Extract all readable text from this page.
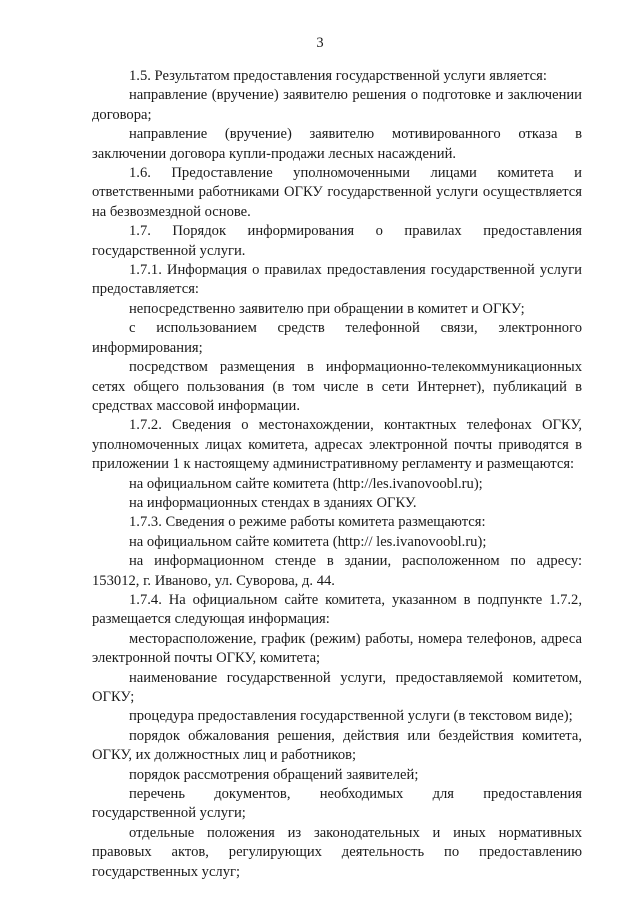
3

1.5. Результатом предоставления государственной услуги является:

направление (вручение) заявителю решения о подготовке и заключении договора;

направление (вручение) заявителю мотивированного отказа в заключении договора купли-продажи лесных насаждений.

1.6. Предоставление уполномоченными лицами комитета и ответственными работниками ОГКУ государственной услуги осуществляется на безвозмездной основе.

1.7. Порядок информирования о правилах предоставления государственной услуги.

1.7.1. Информация о правилах предоставления государственной услуги предоставляется:

непосредственно заявителю при обращении в комитет и ОГКУ;

с использованием средств телефонной связи, электронного информирования;

посредством размещения в информационно-телекоммуникационных сетях общего пользования (в том числе в сети Интернет), публикаций в средствах массовой информации.

1.7.2. Сведения о местонахождении, контактных телефонах ОГКУ, уполномоченных лицах комитета, адресах электронной почты приводятся в приложении 1 к настоящему административному регламенту и размещаются:

на официальном сайте комитета (http://les.ivanovoobl.ru);

на информационных стендах в зданиях ОГКУ.

1.7.3. Сведения о режиме работы комитета размещаются:

на официальном сайте комитета (http:// les.ivanovoobl.ru);

на информационном стенде в здании, расположенном по адресу: 153012, г. Иваново, ул. Суворова, д. 44.

1.7.4. На официальном сайте комитета, указанном в подпункте 1.7.2, размещается следующая информация:

месторасположение, график (режим) работы, номера телефонов, адреса электронной почты ОГКУ, комитета;

наименование государственной услуги, предоставляемой комитетом, ОГКУ;

процедура предоставления государственной услуги (в текстовом виде);

порядок обжалования решения, действия или бездействия комитета, ОГКУ, их должностных лиц и работников;

порядок рассмотрения обращений заявителей;

перечень документов, необходимых для предоставления государственной услуги;

отдельные положения из законодательных и иных нормативных правовых актов, регулирующих деятельность по предоставлению государственных услуг;
